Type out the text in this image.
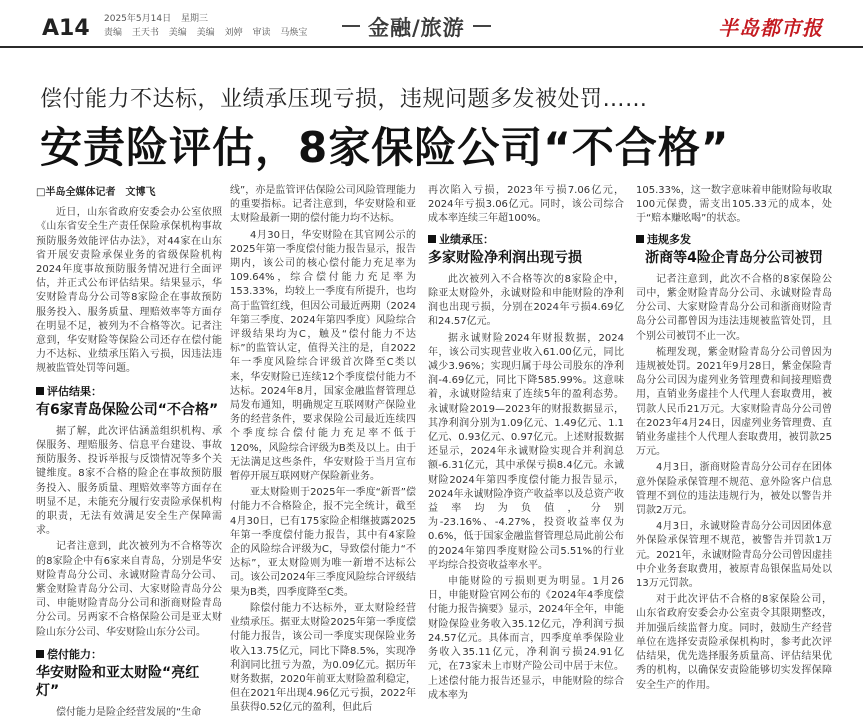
A14 2025年5月14日 星期三
责编 王天书 美编 美编 刘婷 审读 马焕宝	金融/旅游	半岛都市报
偿付能力不达标，业绩承压现亏损，违规问题多发被处罚……
安责险评估，8家保险公司“不合格”
□半岛全媒体记者　文博飞

近日，山东省政府安委会办公室依照《山东省安全生产责任保险承保机构事故预防服务效能评估办法》，对44家在山东省开展安责险承保业务的省级保险机构2024年度事故预防服务情况进行全面评估，并正式公布评估结果。结果显示，华安财险青岛分公司等8家险企在事故预防服务投入、服务质量、理赔效率等方面存在明显不足，被列为不合格等次。记者注意到，华安财险等保险公司还存在偿付能力不达标、业绩承压陷入亏损，因违法违规被监管处罚等问题。

评估结果：
有6家青岛保险公司“不合格”

据了解，此次评估涵盖组织机构、承保服务、理赔服务、信息平台建设、事故预防服务、投诉举报与反馈情况等多个关键维度。8家不合格的险企在事故预防服务投入、服务质量、理赔效率等方面存在明显不足，未能充分履行安责险承保机构的职责，无法有效满足安全生产保障需求。

记者注意到，此次被列为不合格等次的8家险企中有6家来自青岛，分别是华安财险青岛分公司、永诚财险青岛分公司、紫金财险青岛分公司、大家财险青岛分公司、申能财险青岛分公司和浙商财险青岛分公司。另两家不合格保险公司是亚太财险山东分公司、华安财险山东分公司。

偿付能力：
华安财险和亚太财险“亮红灯”

偿付能力是险企经营发展的“生命

线”，亦是监管评估保险公司风险管理能力的重要指标。记者注意到，华安财险和亚太财险最新一期的偿付能力均不达标。

4月30日，华安财险在其官网公示的2025年第一季度偿付能力报告显示，报告期内，该公司的核心偿付能力充足率为109.64%，综合偿付能力充足率为153.33%，均较上一季度有所提升，也均高于监管红线，但因公司最近两期（2024年第三季度、2024年第四季度）风险综合评级结果均为C，触及“偿付能力不达标”的监管认定，值得关注的是，自2022年一季度风险综合评级首次降至C类以来，华安财险已连续12个季度偿付能力不达标。2024年8月，国家金融监督管理总局发布通知，明确规定互联网财产保险业务的经营条件，要求保险公司最近连续四个季度综合偿付能力充足率不低于120%，风险综合评级为B类及以上。由于无法满足这些条件，华安财险于当月宣布暂停开展互联网财产保险新业务。

亚太财险则于2025年一季度“新晋”偿付能力不合格险企，报不完全统计，截至4月30日，已有175家险企相继披露2025年第一季度偿付能力报告，其中有4家险企的风险综合评级为C，导致偿付能力“不达标”，亚太财险则为唯一新增不达标公司。该公司2024年三季度风险综合评级结果为B类，四季度降至C类。

除偿付能力不达标外，亚太财险经营业绩承压。据亚太财险2025年第一季度偿付能力报告，该公司一季度实现保险业务收入13.75亿元，同比下降8.5%，实现净利润同比扭亏为盈，为0.09亿元。据历年财务数据，2020年前亚太财险盈利稳定，但在2021年出现4.96亿元亏损，2022年虽获得0.52亿元的盈利，但此后

再次陷入亏损，2023年亏损7.06亿元，2024年亏损3.06亿元。同时，该公司综合成本率连续三年超100%。

业绩承压：
多家财险净利润出现亏损

此次被列入不合格等次的8家险企中，除亚太财险外，永诚财险和申能财险的净利润也出现亏损，分别在2024年亏损4.69亿和24.57亿元。

据永诚财险2024年财报数据，2024年，该公司实现营业收入61.00亿元，同比减少3.96%；实现归属于母公司股东的净利润-4.69亿元，同比下降585.99%。这意味着，永诚财险结束了连续5年的盈利态势。永诚财险2019—2023年的财报数据显示，其净利润分别为1.09亿元、1.49亿元、1.1亿元、0.93亿元、0.97亿元。上述财报数据还显示，2024年永诚财险实现合并利润总额-6.31亿元，其中承保亏损8.4亿元。永诚财险2024年第四季度偿付能力报告显示，2024年永诚财险净资产收益率以及总资产收益率均为负值，分别为-23.16%、-4.27%，投资收益率仅为0.6%，低于国家金融监督管理总局此前公布的2024年第四季度财险公司5.51%的行业平均综合投资收益率水平。

申能财险的亏损则更为明显。1月26日，申能财险官网公布的《2024年4季度偿付能力报告摘要》显示，2024年全年，申能财险保险业务收入35.12亿元，净利润亏损24.57亿元。具体而言，四季度单季保险业务收入35.11亿元，净利润亏损24.91亿元，在73家未上市财产险公司中居于末位。上述偿付能力报告还显示，申能财险的综合成本率为

105.33%，这一数字意味着申能财险每收取100元保费，需支出105.33元的成本，处于“赔本赚吆喝”的状态。

违规多发
浙商等4险企青岛分公司被罚

记者注意到，此次不合格的8家保险公司中，紫金财险青岛分公司、永诚财险青岛分公司、大家财险青岛分公司和浙商财险青岛分公司都曾因为违法违规被监管处罚，且个别公司被罚不止一次。

梳理发现，紫金财险青岛分公司曾因为违规被处罚。2021年9月28日，紫金保险青岛分公司因为虚列业务管理费和间接理赔费用，直销业务虚挂个人代理人套取费用，被罚款人民币21万元。大家财险青岛分公司曾在2023年4月24日，因虚列业务管理费、直销业务虚挂个人代理人套取费用，被罚款25万元。

4月3日，浙商财险青岛分公司存在团体意外保险承保管理不规范、意外险客户信息管理不到位的违法违规行为，被处以警告并罚款2万元。

4月3日，永诚财险青岛分公司因团体意外保险承保管理不规范，被警告并罚款1万元。2021年，永诚财险青岛分公司曾因虚挂中介业务套取费用，被原青岛银保监局处以13万元罚款。

对于此次评估不合格的8家保险公司，山东省政府安委会办公室责令其限期整改，并加强后续监督力度。同时，鼓励生产经营单位在选择安责险承保机构时，参考此次评估结果，优先选择服务质量高、评估结果优秀的机构，以确保安责险能够切实发挥保障安全生产的作用。
